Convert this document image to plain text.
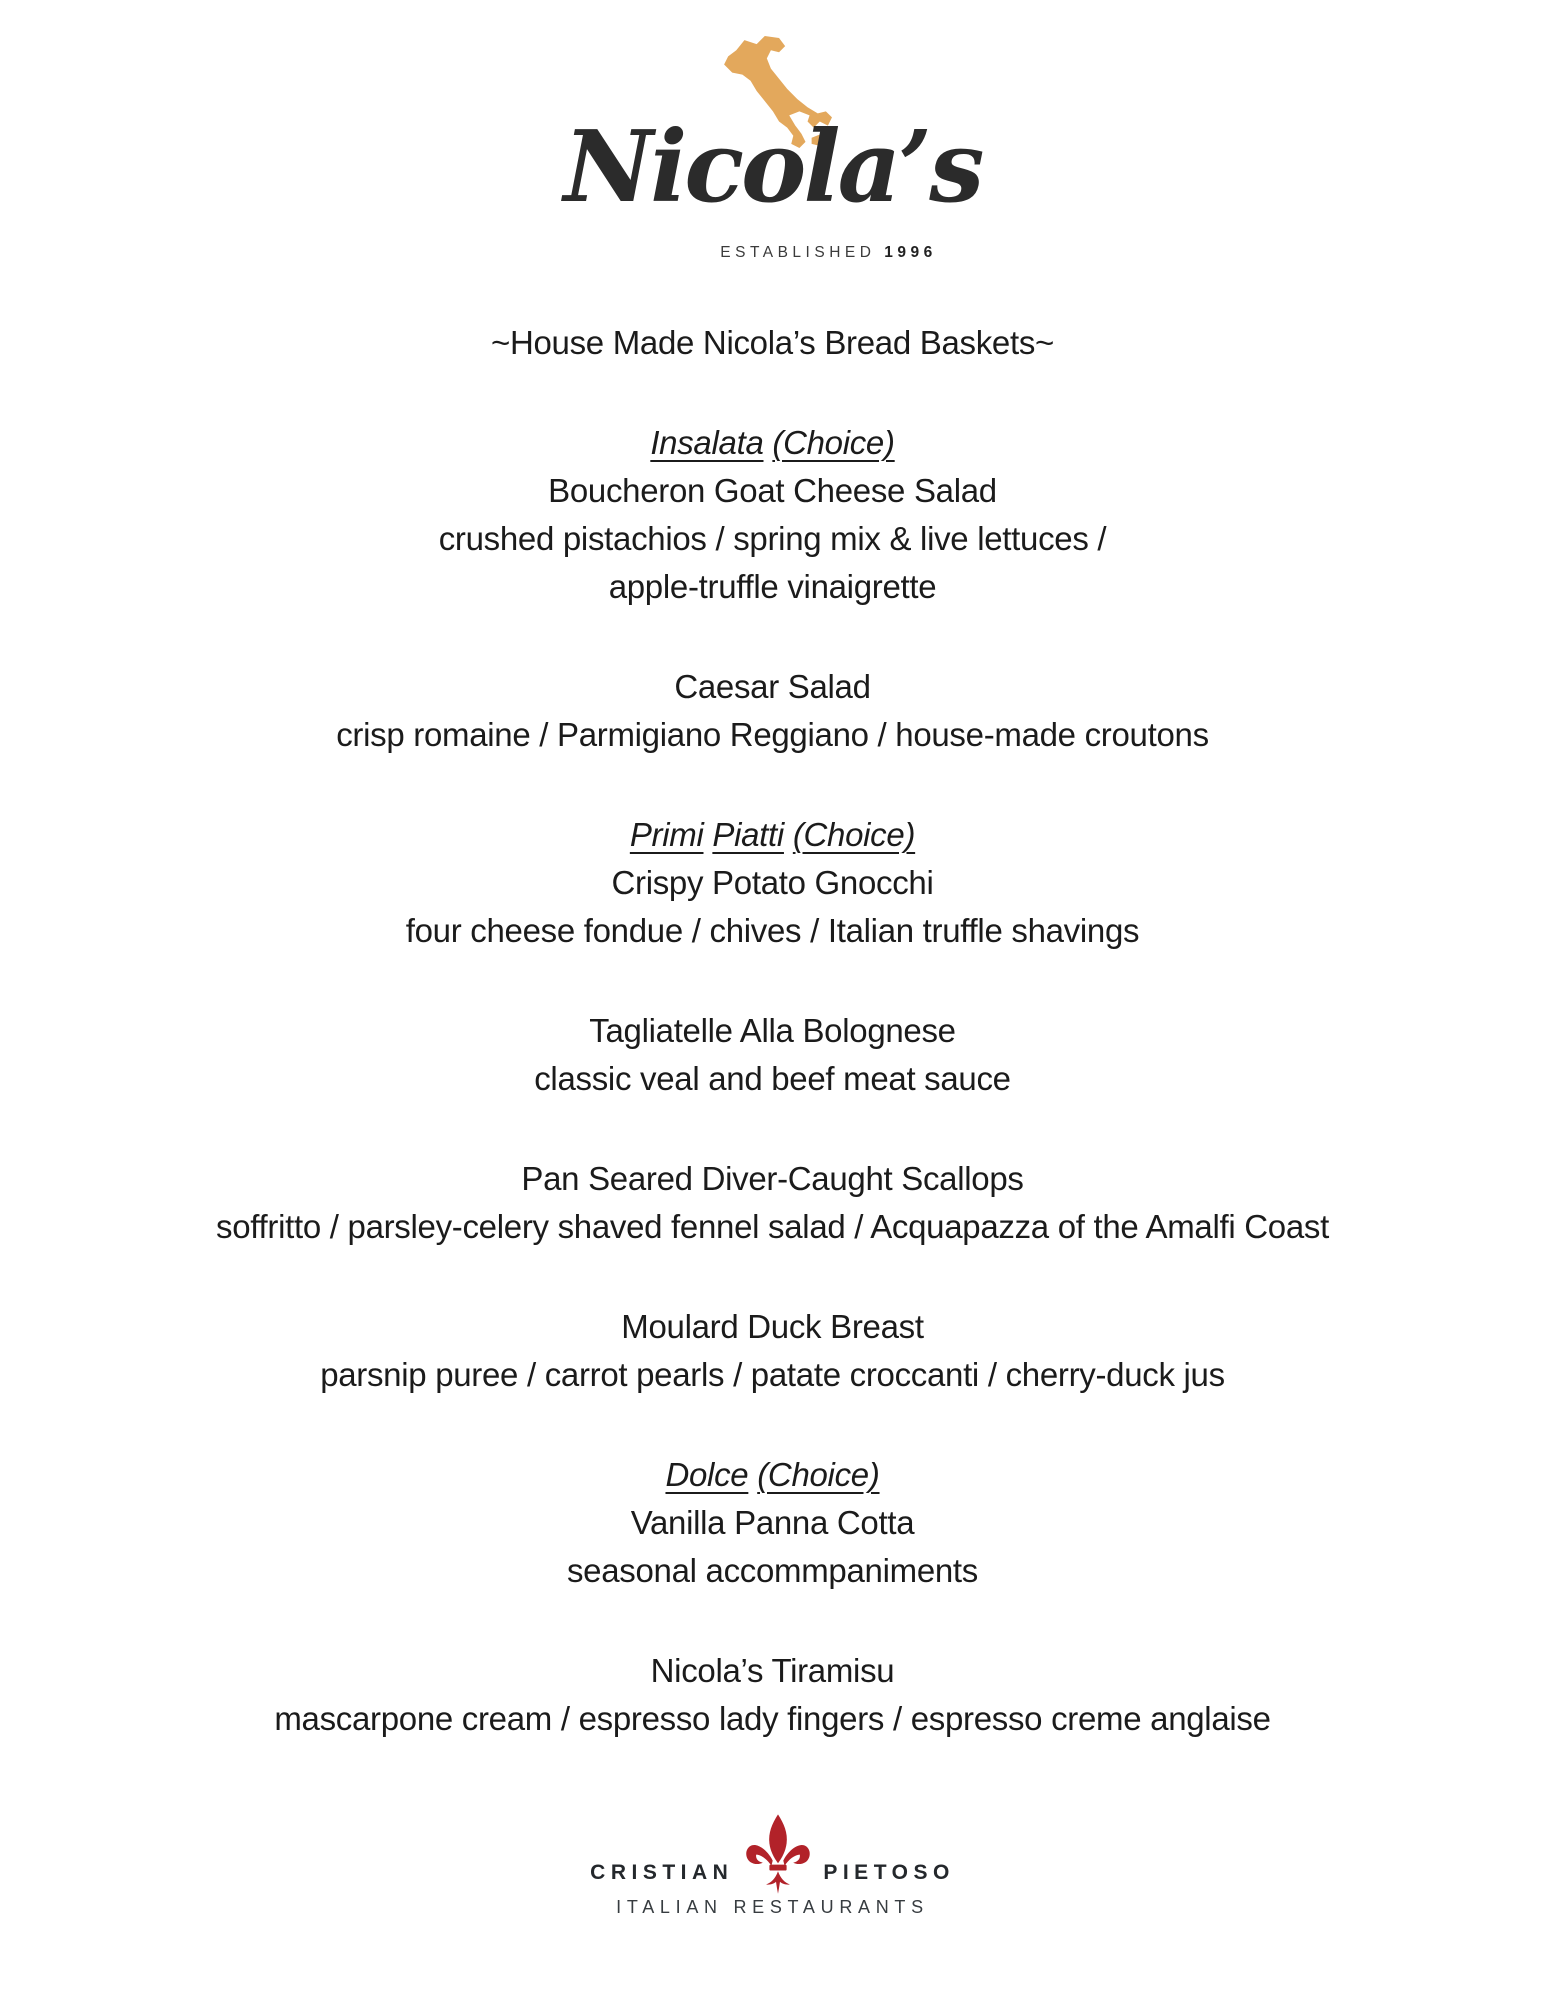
Nicola’s
ESTABLISHED 1996

~House Made Nicola’s Bread Baskets~

Insalata (Choice)

Boucheron Goat Cheese Salad

crushed pistachios / spring mix & live lettuces /

apple-truffle vinaigrette

Caesar Salad

crisp romaine / Parmigiano Reggiano / house-made croutons

Primi Piatti (Choice)

Crispy Potato Gnocchi

four cheese fondue / chives / Italian truffle shavings

Tagliatelle Alla Bolognese

classic veal and beef meat sauce

Pan Seared Diver-Caught Scallops

soffritto / parsley-celery shaved fennel salad / Acquapazza of the Amalfi Coast

Moulard Duck Breast

parsnip puree / carrot pearls / patate croccanti / cherry-duck jus

Dolce (Choice)

Vanilla Panna Cotta

seasonal accommpaniments

Nicola’s Tiramisu

mascarpone cream / espresso lady fingers / espresso creme anglaise

CRISTIAN	PIETOSO
ITALIAN RESTAURANTS
